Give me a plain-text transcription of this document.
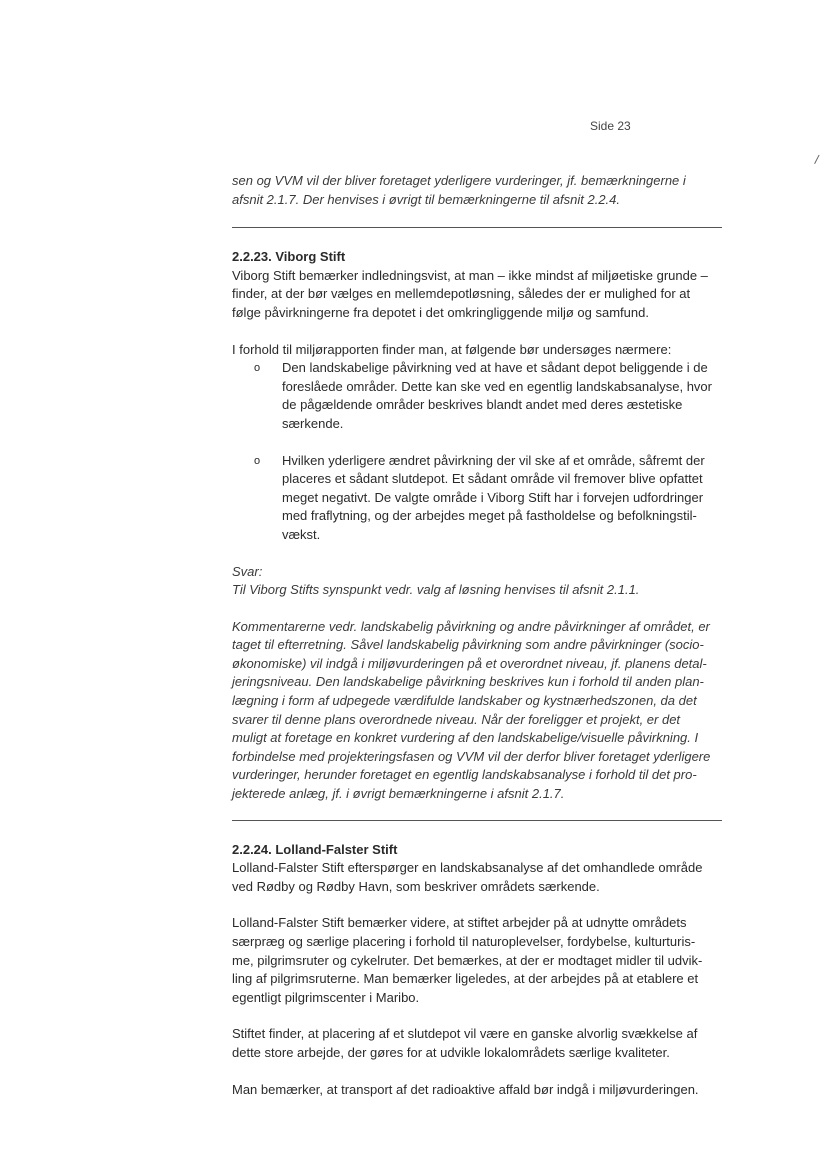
Side 23
/

sen og VVM vil der bliver foretaget yderligere vurderinger, jf. bemærkningerne i
afsnit 2.1.7. Der henvises i øvrigt til bemærkningerne til afsnit 2.2.4.

2.2.23. Viborg Stift

Viborg Stift bemærker indledningsvist, at man – ikke mindst af miljøetiske grunde –
finder, at der bør vælges en mellemdepotløsning, således der er mulighed for at
følge påvirkningerne fra depotet i det omkringliggende miljø og samfund.

I forhold til miljørapporten finder man, at følgende bør undersøges nærmere:

o Den landskabelige påvirkning ved at have et sådant depot beliggende i de
foreslåede områder. Dette kan ske ved en egentlig landskabsanalyse, hvor
de pågældende områder beskrives blandt andet med deres æstetiske
særkende.
o Hvilken yderligere ændret påvirkning der vil ske af et område, såfremt der
placeres et sådant slutdepot. Et sådant område vil fremover blive opfattet
meget negativt. De valgte område i Viborg Stift har i forvejen udfordringer
med fraflytning, og der arbejdes meget på fastholdelse og befolkningstil-
vækst.

Svar:

Til Viborg Stifts synspunkt vedr. valg af løsning henvises til afsnit 2.1.1.

Kommentarerne vedr. landskabelig påvirkning og andre påvirkninger af området, er
taget til efterretning. Såvel landskabelig påvirkning som andre påvirkninger (socio-
økonomiske) vil indgå i miljøvurderingen på et overordnet niveau, jf. planens detal-
jeringsniveau. Den landskabelige påvirkning beskrives kun i forhold til anden plan-
lægning i form af udpegede værdifulde landskaber og kystnærhedszonen, da det
svarer til denne plans overordnede niveau. Når der foreligger et projekt, er det
muligt at foretage en konkret vurdering af den landskabelige/visuelle påvirkning. I
forbindelse med projekteringsfasen og VVM vil der derfor bliver foretaget yderligere
vurderinger, herunder foretaget en egentlig landskabsanalyse i forhold til det pro-
jekterede anlæg, jf. i øvrigt bemærkningerne i afsnit 2.1.7.

2.2.24. Lolland-Falster Stift

Lolland-Falster Stift efterspørger en landskabsanalyse af det omhandlede område
ved Rødby og Rødby Havn, som beskriver områdets særkende.

Lolland-Falster Stift bemærker videre, at stiftet arbejder på at udnytte områdets
særpræg og særlige placering i forhold til naturoplevelser, fordybelse, kulturturis-
me, pilgrimsruter og cykelruter. Det bemærkes, at der er modtaget midler til udvik-
ling af pilgrimsruterne. Man bemærker ligeledes, at der arbejdes på at etablere et
egentligt pilgrimscenter i Maribo.

Stiftet finder, at placering af et slutdepot vil være en ganske alvorlig svækkelse af
dette store arbejde, der gøres for at udvikle lokalområdets særlige kvaliteter.

Man bemærker, at transport af det radioaktive affald bør indgå i miljøvurderingen.
